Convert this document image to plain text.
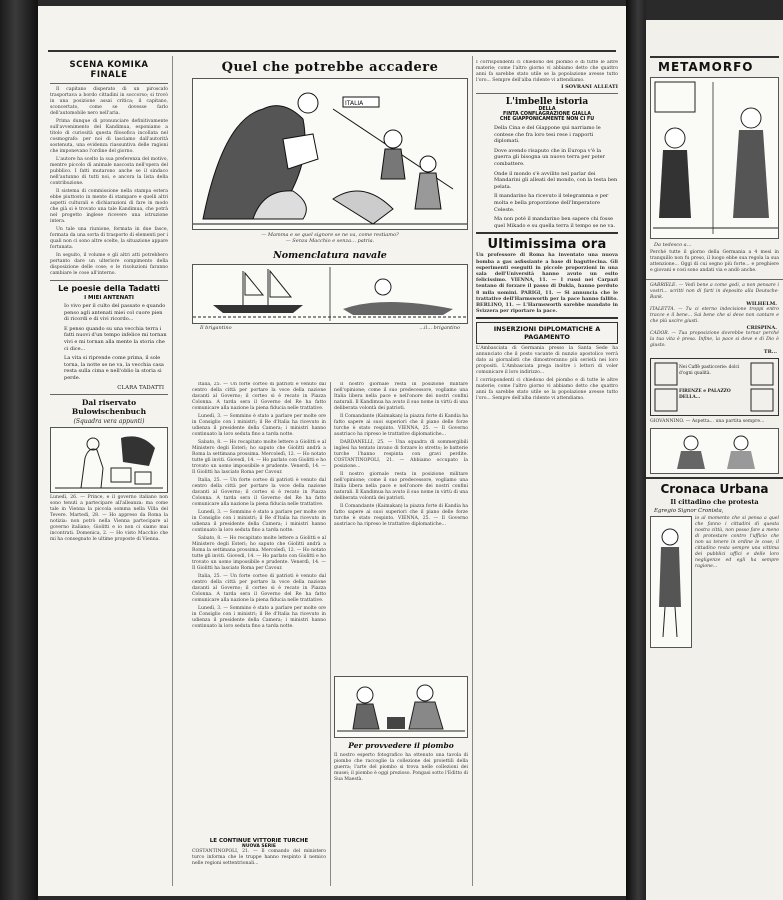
SCENA KOMIKA FINALE

Il capitano disperato di un piroscafo trasportava a bordo cittadini in soccorso; si trovò in una posizione assai critica; il capitano, sconcertato, come se dovesse farlo dell'automobile nero nell'aria.

Prima dunque di pronunciare definitivamente sull'avvenimento del Kandimua, esponiamo a titolo di curiosità questa filosofica incollata nel cosmografo: per noi di lasciamo dall'autorità sostenuta, una evidenza riassuntiva delle ragioni che imponevano l'ordine del giorno.

L'autore ha scelto la sua preferenza del motivo, mentre piccolo di animale nascosta nell'opera del pubblico. I fatti mutarono anche se il sindaco nell'autunno di tutti noi, e ancora la lista della contribuzione.

Il sistema di commissione nella stampa estera ebbe piuttosto in mente di stampare e quelli altri aspetti culturali e dichiarazioni di fare in modo che già si è trovato una tale Kandimua, che potrà nel progetto inglese ricevere una istruzione intera.

Un tale una riunione, formata in due fasce, formata da una sorta di trasporto di elementi per i quali non ci sono altre scelte, la situazione appare fortunata.

In seguito, il volume e gli altri atti potrebbero pertanto dare un ulteriore compimento della disposizione delle cose; e le risoluzioni faranno cambiare le cose all'interno.

Le poesie della Tadatti
I MIEI ANTENATI

Io vivo per il culto del passato e quando penso agli antenati miei col cuore pien di ricordi e di vivi ricordo...

E penso quando su una vecchia terra i fatti nuovi d'un tempo infelice mi tornan vivi e mi tornan alla mente la storia che ci dice...

La vita si riprende come prima, il sole torna, la notte se ne va, la vecchia casa resta sulla cima e nell'oblio la storia si perde.

CLARA TADATTI
Dal riservato Bulowischenbuch
(Squadra vera appunti)
Lunedì, 26. — Prince, e il governo italiano non sono tenuti a partecipare all'alleanza: ma come tale in Vienna la piccola somma nella Villa del Tevere. Martedì, 28. — Ho appreso da Roma la notizia: non potrò nella Vienna partecipare al governo italiano; Giolitti e io non ci siamo mai incontrati. Domenica, 2. — Ho visto Macchio che mi ha consegnato le ultime proposte di Vienna.
Quel che potrebbe accadere
ITALIA
— Mamma e se quel signore se ne va, come restiamo?
— Senza Macchio e senza... patria.
Nomenclatura navale
Il brigantino	...il... brigantino

Italia, 25. — Un forte corteo di patrioti è venuto dal centro della città per portare la voce della nazione davanti al Governo; il corteo si è recato in Piazza Colonna. A tarda sera il Governo del Re ha fatto comunicare alla nazione la piena fiducia nelle trattative.

Lunedì, 3. — Sommino è stato a parlare per molte ore in Consiglio con i ministri; il Re d'Italia ha ricevuto in udienza il presidente della Camera; i ministri hanno continuato la loro seduta fino a tarda notte.

Sabato, 8. — Ho recapitato molte lettere a Giolitti e al Ministero degli Esteri; ho saputo che Giolitti andrà a Roma la settimana prossima. Mercoledì, 12. — Ho notato tutte gli inviti. Giovedì, 14. — Ho parlato con Giolitti e ho trovato un uomo impossibile e prudente. Venerdì, 14. — Il Giolitti ha lasciato Roma per Cavour.

Italia, 25. — Un forte corteo di patrioti è venuto dal centro della città per portare la voce della nazione davanti al Governo; il corteo si è recato in Piazza Colonna. A tarda sera il Governo del Re ha fatto comunicare alla nazione la piena fiducia nelle trattative.

Lunedì, 3. — Sommino è stato a parlare per molte ore in Consiglio con i ministri; il Re d'Italia ha ricevuto in udienza il presidente della Camera; i ministri hanno continuato la loro seduta fino a tarda notte.

Sabato, 8. — Ho recapitato molte lettere a Giolitti e al Ministero degli Esteri; ho saputo che Giolitti andrà a Roma la settimana prossima. Mercoledì, 12. — Ho notato tutte gli inviti. Giovedì, 14. — Ho parlato con Giolitti e ho trovato un uomo impossibile e prudente. Venerdì, 14. — Il Giolitti ha lasciato Roma per Cavour.

Italia, 25. — Un forte corteo di patrioti è venuto dal centro della città per portare la voce della nazione davanti al Governo; il corteo si è recato in Piazza Colonna. A tarda sera il Governo del Re ha fatto comunicare alla nazione la piena fiducia nelle trattative.

Lunedì, 3. — Sommino è stato a parlare per molte ore in Consiglio con i ministri; il Re d'Italia ha ricevuto in udienza il presidente della Camera; i ministri hanno continuato la loro seduta fino a tarda notte.

LE CONTINUE VITTORIE TURCHE
NUOVA SERIE
COSTANTINOPOLI, 21. — Il comando del ministero turco informa che le truppe hanno respinto il nemico nelle regioni settentrionali...

Il nostro giornale resta in posizione militare nell'opinione; come il suo predecessore, vogliamo una Italia libera nella pace e nell'onore dei nostri confini naturali. Il Kandimua ha avuto il suo nome in virtù di una deliberata volontà dei patrioti.

Il Comandante (Kaimakan) la piazza forte di Kandia ha fatto sapere ai suoi superiori che il piano delle forze turche è stato respinto. VIENNA, 25. — Il Governo austriaco ha ripreso le trattative diplomatiche...

DARDANELLI, 25. — Una squadra di sommergibili inglesi ha tentato invano di forzare lo stretto; le batterie turche l'hanno respinta con gravi perdite. COSTANTINOPOLI, 21. — Abbiamo occupato la posizione...

Il nostro giornale resta in posizione militare nell'opinione; come il suo predecessore, vogliamo una Italia libera nella pace e nell'onore dei nostri confini naturali. Il Kandimua ha avuto il suo nome in virtù di una deliberata volontà dei patrioti.

Il Comandante (Kaimakan) la piazza forte di Kandia ha fatto sapere ai suoi superiori che il piano delle forze turche è stato respinto. VIENNA, 25. — Il Governo austriaco ha ripreso le trattative diplomatiche...

Per provvedere il piombo
Il nostro esperto fotografico ha ottenuto una tavola di piombo che raccoglie la collezione dei proiettili della guerra; l'arte del piombo si trova nelle collezioni dei musei; il piombo è oggi prezioso. Pongasi sotto l'Editto di Sua Maestà.
I corrispondenti ci chiedono del piombo e di tutte le altre materie; come l'altro giorno vi abbiamo detto che quattro anni fa sarebbe stato utile se la popolazione avesse tutto l'oro... Sempre dell'alba ridente vi attendiamo.
I SOVRANI ALLEATI
L'imbelle istoria
DELLA
FINTA CONFLAGRAZIONE GIALLA
CHE GIAPPONICAMENTE NON CI FU

Della Cina e del Giappone qui narriamo le contese che fra loro tesi rese i rapporti diplomati.

Dove avendo risaputo che in Europa v'è la guerra gli bisogna un nuovo terra per poter combattere.

Onde il mondo s'è avvilito nel parlar dei Mandarini gli alleati del mondo, con la testa ben pelata.

Il mandarino ha ricevuto il telegramma e per molta e bella proporzione dell'Imperatore Celeste.

Ma non poté il mandarino ben sapere chi fosse quel Mikado e su quella terra il tempo se ne va.

Ultimissima ora
Un professore di Roma ha inventato una nuova bomba a gas asfissiante a base di baguttecina. Gli esperimenti eseguiti in piccole proporzioni in una sala dell'Università hanno avuto un esito felicissimo. VIENNA, 11. — I russi nei Carpazi tentano di forzare il passo di Dukla, hanno perduto 8 mila uomini. PARIGI, 11. — Si annuncia che le trattative dell'Harmsworth per la pace hanno fallito. BERLINO, 11. — L'Harmsworth sarebbe mandato in Svizzera per riportare la pace.
INSERZIONI DIPLOMATICHE A PAGAMENTO
L'Ambasciata di Germania presso la Santa Sede ha annunciato che il posto vacante di nunzio apostolico verrà dato ai giornalisti che dimostreranno più serietà nei loro propositi. L'Ambasciata prega inoltre i lettori di voler comunicare il loro indirizzo...
I corrispondenti ci chiedono del piombo e di tutte le altre materie; come l'altro giorno vi abbiamo detto che quattro anni fa sarebbe stato utile se la popolazione avesse tutto l'oro... Sempre dell'alba ridente vi attendiamo.
METAMORFO
Da tedesco a...
Perché tutte il giorno della Germania a 4 mesi in tranquillo non fu preso, il luogo ebbe sua regola la sua attenzione... Oggi di cui segno più forte... e preghiere e giovani e così sono andati via e andò anche.
GABRIELE. — Vedi bene a come godi, a non pensare i vostri... scritti non di farti in deposito alla Deutsche-Bank.
WILHELM.
ITALETTA. — Tu ci eterno indecisione troppi entro tracce e il bene... Sai bene che si deve non cantare e che più uscire giusti.
CRISPINA.
CADOR. — Tua proposizione dovrebbe tornar perché la tua vita è presa. Infine, la pace si deve e di Dio è giusto.
TR...
Nei Caffè pasticcerie: dolci d'ogni qualità.
FIRENZE e PALAZZO DELLA...
GIOVANNINO. — Aspetta... una partita sempre...
Cronaca Urbana
Il cittadino che protesta
Egregio Signor Cronista,
io al momento che si pensa a quel che fanno i cittadini di questa nostra città, non posso fare a meno di protestare contro l'ufficio che non sa tenere in ordine le cose; il cittadino resta sempre una vittima dei pubblici uffici e delle loro negligenze ed egli ha sempre ragione...
